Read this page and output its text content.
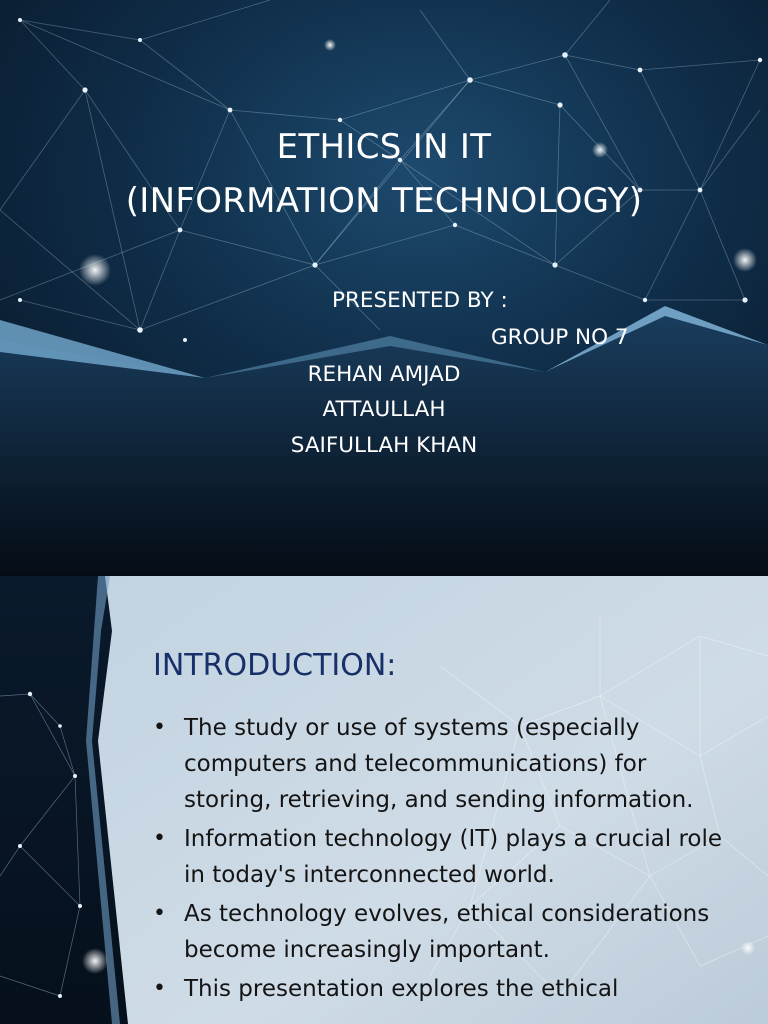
ETHICS IN IT

(INFORMATION TECHNOLOGY)

PRESENTED BY :

GROUP NO 7

REHAN AMJAD

ATTAULLAH

SAIFULLAH KHAN

INTRODUCTION:
• The study or use of systems (especially computers and telecommunications) for storing, retrieving, and sending information.
• Information technology (IT) plays a crucial role in today's interconnected world.
• As technology evolves, ethical considerations become increasingly important.
• This presentation explores the ethical
